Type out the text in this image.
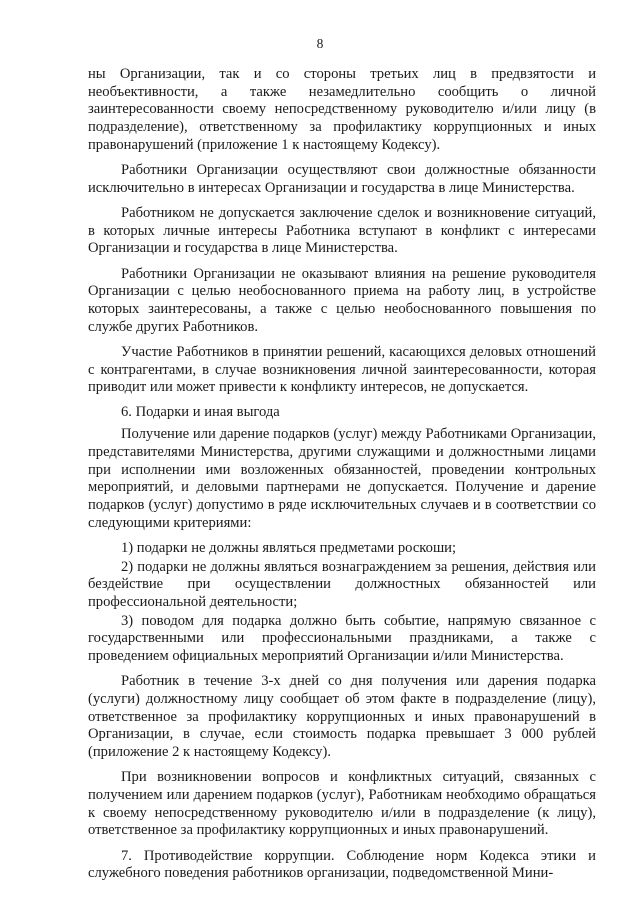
8

ны Организации, так и со стороны третьих лиц в предвзятости и необъективности, а также незамедлительно сообщить о личной заинтересованности своему непосредственному руководителю и/или лицу (в подразделение), ответственному за профилактику коррупционных и иных правонарушений (приложение 1 к настоящему Кодексу).

Работники Организации осуществляют свои должностные обязанности исключительно в интересах Организации и государства в лице Министерства.

Работником не допускается заключение сделок и возникновение ситуаций, в которых личные интересы Работника вступают в конфликт с интересами Организации и государства в лице Министерства.

Работники Организации не оказывают влияния на решение руководителя Организации с целью необоснованного приема на работу лиц, в устройстве которых заинтересованы, а также с целью необоснованного повышения по службе других Работников.

Участие Работников в принятии решений, касающихся деловых отношений с контрагентами, в случае возникновения личной заинтересованности, которая приводит или может привести к конфликту интересов, не допускается.

6. Подарки и иная выгода

Получение или дарение подарков (услуг) между Работниками Организации, представителями Министерства, другими служащими и должностными лицами при исполнении ими возложенных обязанностей, проведении контрольных мероприятий, и деловыми партнерами не допускается. Получение и дарение подарков (услуг) допустимо в ряде исключительных случаев и в соответствии со следующими критериями:

1) подарки не должны являться предметами роскоши;

2) подарки не должны являться вознаграждением за решения, действия или бездействие при осуществлении должностных обязанностей или профессиональной деятельности;

3) поводом для подарка должно быть событие, напрямую связанное с государственными или профессиональными праздниками, а также с проведением официальных мероприятий Организации и/или Министерства.

Работник в течение 3-х дней со дня получения или дарения подарка (услуги) должностному лицу сообщает об этом факте в подразделение (лицу), ответственное за профилактику коррупционных и иных правонарушений в Организации, в случае, если стоимость подарка превышает 3 000 рублей (приложение 2 к настоящему Кодексу).

При возникновении вопросов и конфликтных ситуаций, связанных с получением или дарением подарков (услуг), Работникам необходимо обращаться к своему непосредственному руководителю и/или в подразделение (к лицу), ответственное за профилактику коррупционных и иных правонарушений.

7. Противодействие коррупции. Соблюдение норм Кодекса этики и служебного поведения работников организации, подведомственной Мини-
